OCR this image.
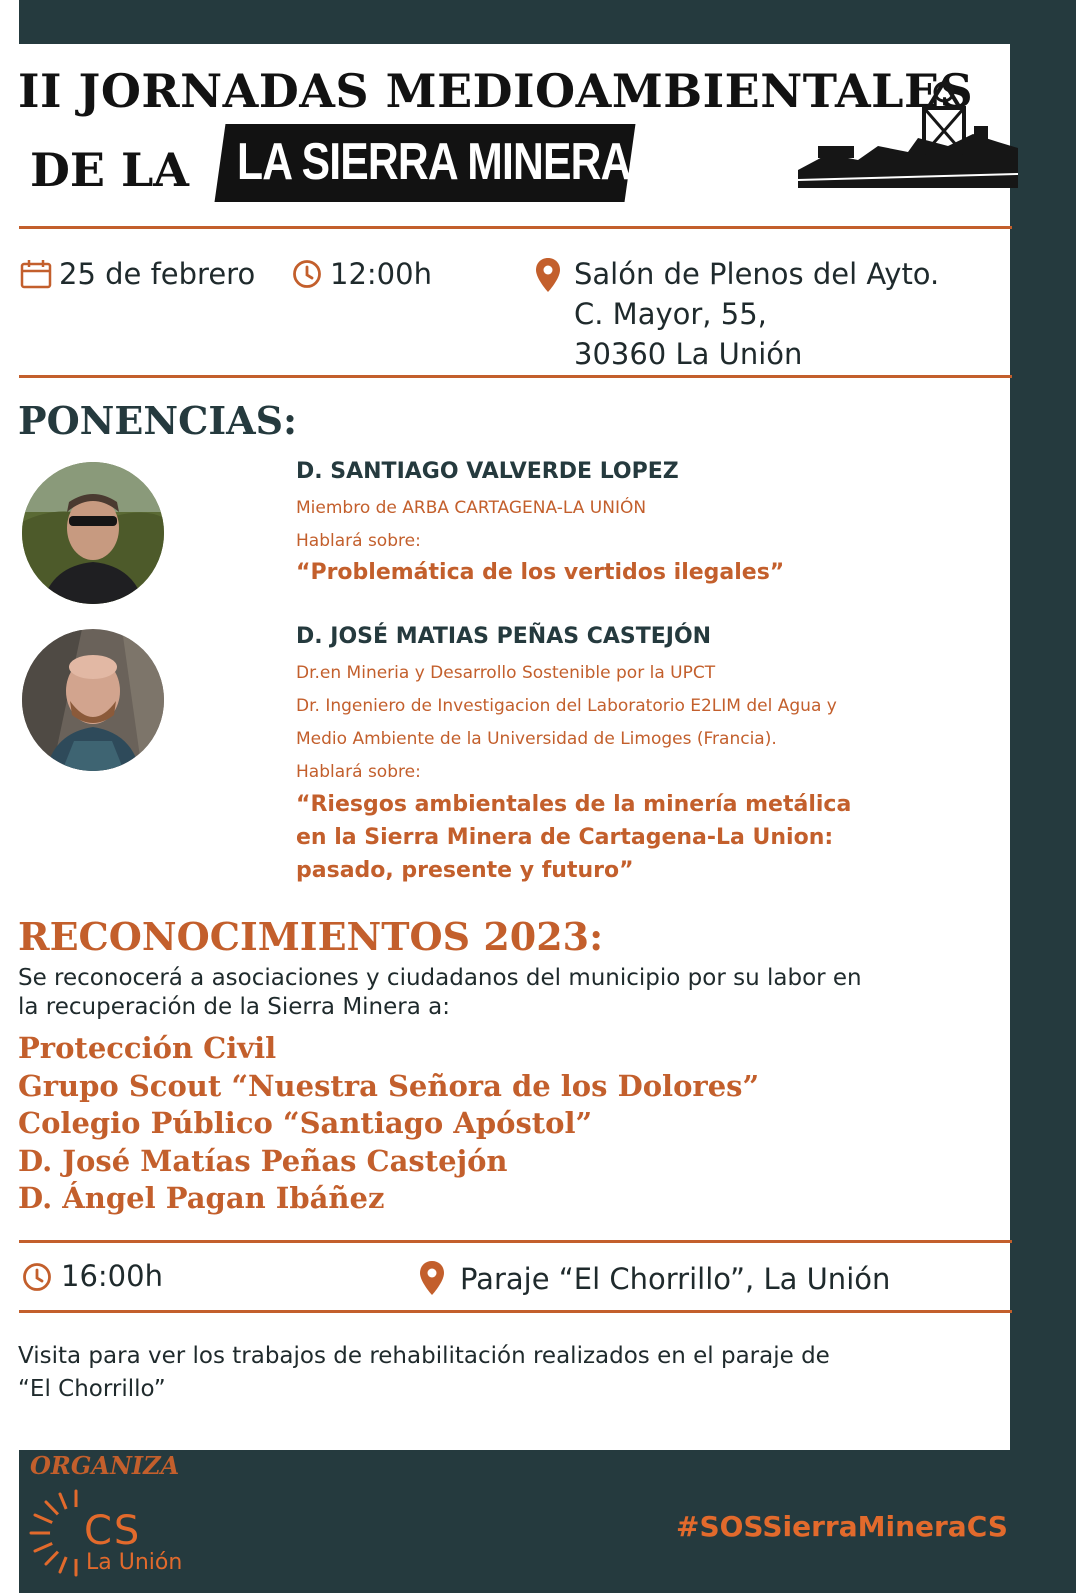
II JORNADAS MEDIOAMBIENTALES
DE LA LA SIERRA MINERA
25 de febrero	12:00h	Salón de Plenos del Ayto.
C. Mayor, 55,
30360 La Unión
PONENCIAS:
D. SANTIAGO VALVERDE LOPEZ
Miembro de ARBA CARTAGENA-LA UNIÓN
Hablará sobre:
“Problemática de los vertidos ilegales”
D. JOSÉ MATIAS PEÑAS CASTEJÓN
Dr.en Mineria y Desarrollo Sostenible por la UPCT
Dr. Ingeniero de Investigacion del Laboratorio E2LIM del Agua y
Medio Ambiente de la Universidad de Limoges (Francia).
Hablará sobre:
“Riesgos ambientales de la minería metálica
en la Sierra Minera de Cartagena-La Union:
pasado, presente y futuro”
RECONOCIMIENTOS 2023:
Se reconocerá a asociaciones y ciudadanos del municipio por su labor en
la recuperación de la Sierra Minera a:
Protección Civil
Grupo Scout “Nuestra Señora de los Dolores”
Colegio Público “Santiago Apóstol”
D. José Matías Peñas Castejón
D. Ángel Pagan Ibáñez
16:00h	Paraje “El Chorrillo”, La Unión
Visita para ver los trabajos de rehabilitación realizados en el paraje de
“El Chorrillo”
ORGANIZA
CS
La Unión
#SOSSierraMineraCS
